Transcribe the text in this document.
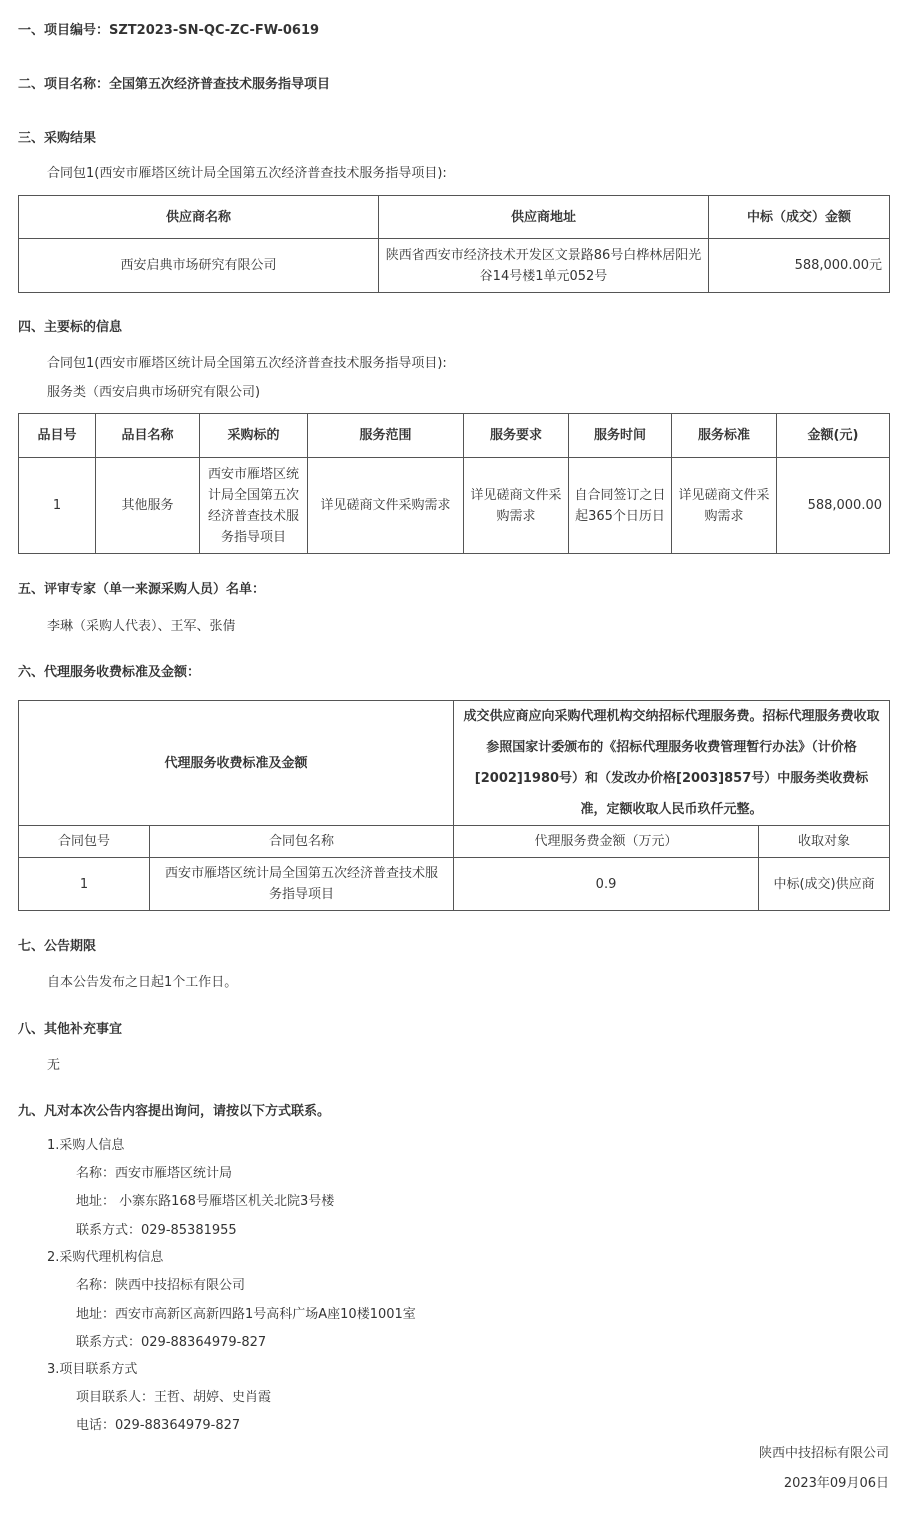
一、项目编号：SZT2023-SN-QC-ZC-FW-0619
二、项目名称：全国第五次经济普查技术服务指导项目
三、采购结果
合同包1(西安市雁塔区统计局全国第五次经济普查技术服务指导项目):
供应商名称	供应商地址	中标（成交）金额
西安启典市场研究有限公司	陕西省西安市经济技术开发区文景路86号白桦林居阳光谷14号楼1单元052号	588,000.00元
四、主要标的信息
合同包1(西安市雁塔区统计局全国第五次经济普查技术服务指导项目):
服务类（西安启典市场研究有限公司)
品目号	品目名称	采购标的	服务范围	服务要求	服务时间	服务标准	金额(元)
1	其他服务	西安市雁塔区统计局全国第五次经济普查技术服务指导项目	详见磋商文件采购需求	详见磋商文件采购需求	自合同签订之日起365个日历日	详见磋商文件采购需求	588,000.00
五、评审专家（单一来源采购人员）名单：
李琳（采购人代表）、王军、张倩
六、代理服务收费标准及金额：
代理服务收费标准及金额		成交供应商应向采购代理机构交纳招标代理服务费。招标代理服务费收取参照国家计委颁布的《招标代理服务收费管理暂行办法》（计价格[2002]1980号）和（发改办价格[2003]857号）中服务类收费标准，定额收取人民币玖仟元整。	
合同包号	合同包名称	代理服务费金额（万元）	收取对象
1	西安市雁塔区统计局全国第五次经济普查技术服务指导项目	0.9	中标(成交)供应商
七、公告期限
自本公告发布之日起1个工作日。
八、其他补充事宜
无
九、凡对本次公告内容提出询问，请按以下方式联系。
1.采购人信息
名称：西安市雁塔区统计局
地址： 小寨东路168号雁塔区机关北院3号楼
联系方式：029-85381955
2.采购代理机构信息
名称：陕西中技招标有限公司
地址：西安市高新区高新四路1号高科广场A座10楼1001室
联系方式：029-88364979-827
3.项目联系方式
项目联系人：王哲、胡婷、史肖霞
电话：029-88364979-827
陕西中技招标有限公司
2023年09月06日
